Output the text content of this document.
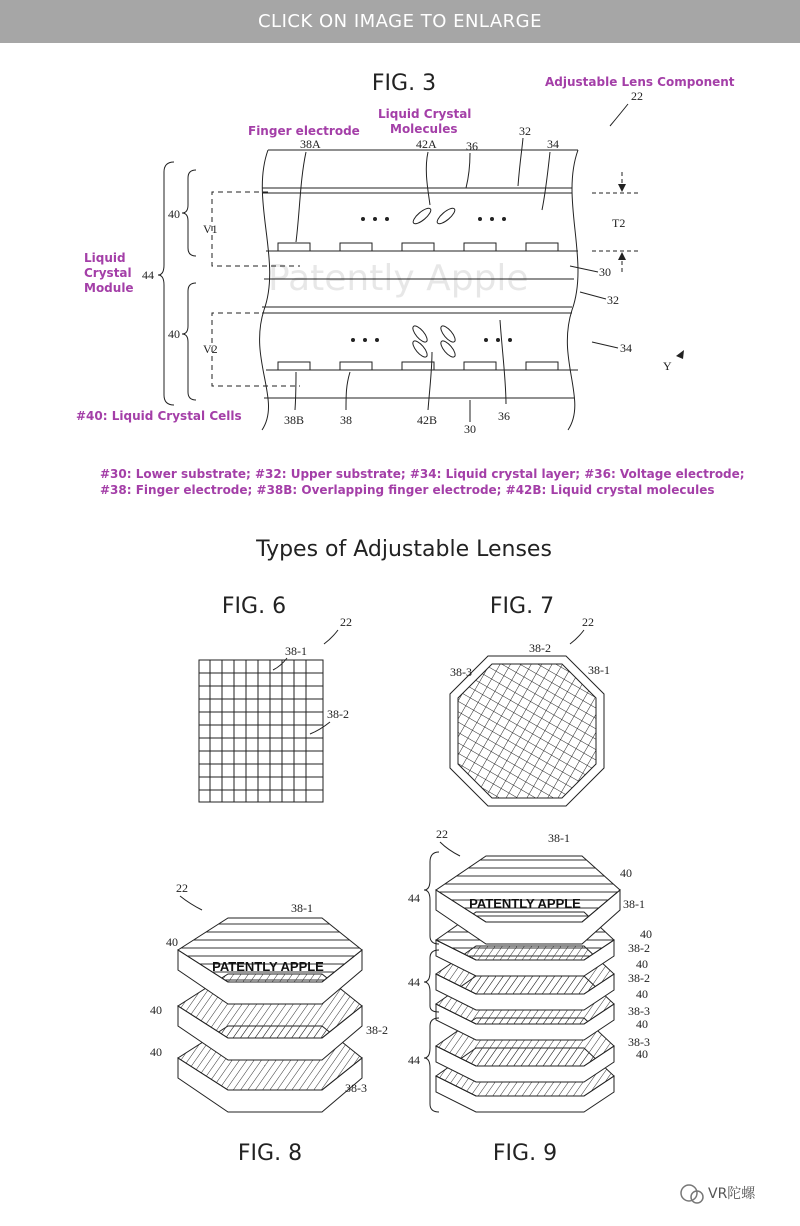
CLICK ON IMAGE TO ENLARGE
FIG. 3	Adjustable Lens Component
22
Finger electrode
Liquid Crystal
Molecules
38A	42A 36
32
34
V1
V2
40
40
44
Liquid
Crystal
Module
T2
30
32
34
Y
38B	38	42B
30
36
#40: Liquid Crystal Cells
Patently Apple
#30: Lower substrate; #32: Upper substrate; #34: Liquid crystal layer; #36: Voltage electrode;
#38: Finger electrode; #38B: Overlapping finger electrode; #42B: Liquid crystal molecules
Types of Adjustable Lenses
FIG. 6
22
38-1
38-2
FIG. 7
22
38-2
38-1
38-3
22
PATENTLY APPLE
38-1
40
40
40
38-2
38-3
FIG. 8
22
PATENTLY APPLE
38-1
44
44
44
40
38-1
40
38-2
40
38-2
40
38-3
40
38-3
40
FIG. 9
VR陀螺
